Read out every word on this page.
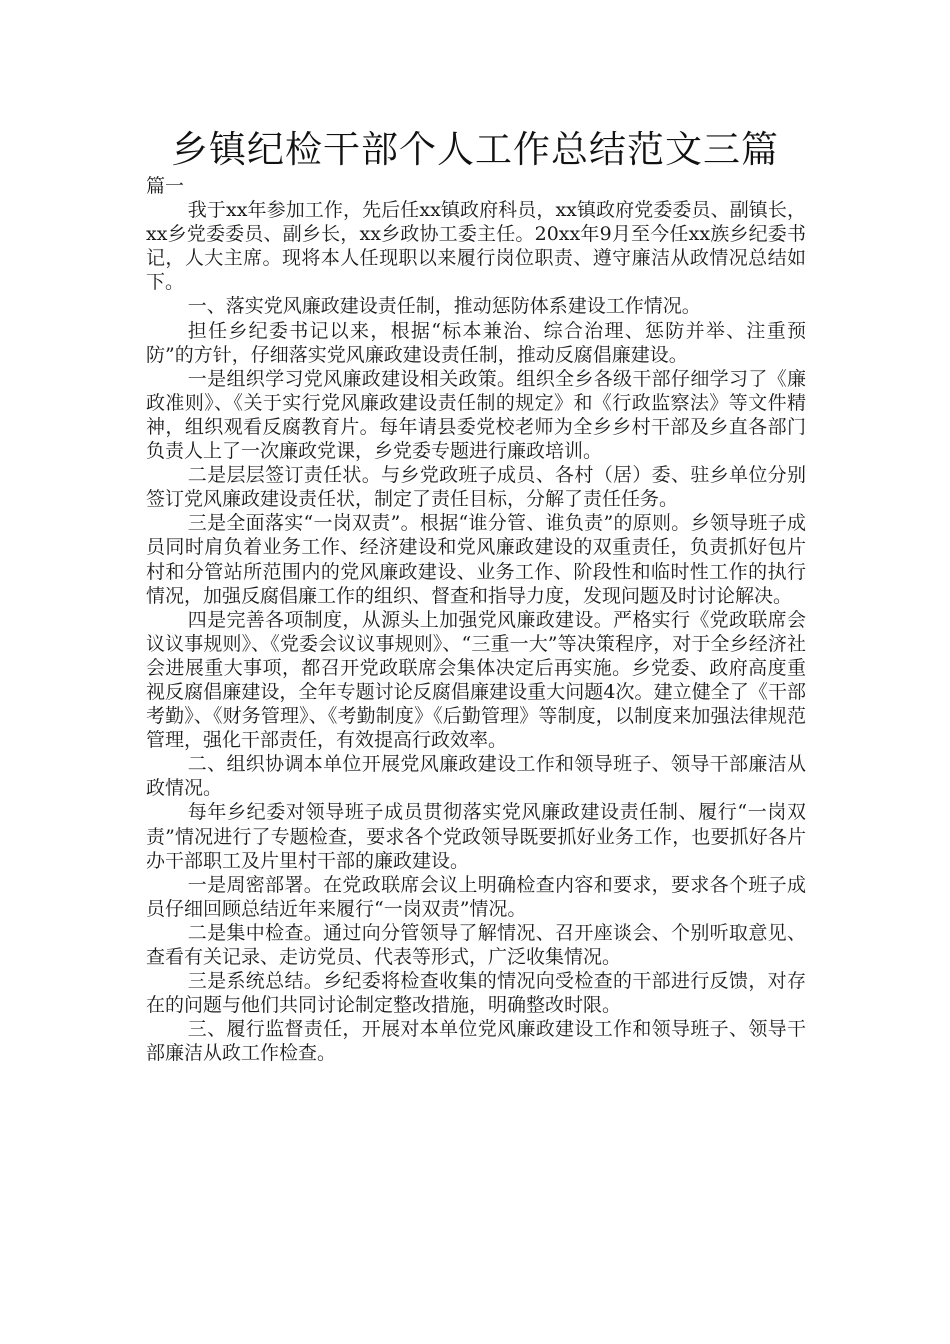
乡镇纪检干部个人工作总结范文三篇

篇一

我于xx年参加工作，先后任xx镇政府科员，xx镇政府党委委员、副镇长，xx乡党委委员、副乡长，xx乡政协工委主任。20xx年9月至今任xx族乡纪委书记，人大主席。现将本人任现职以来履行岗位职责、遵守廉洁从政情况总结如下。

一、落实党风廉政建设责任制，推动惩防体系建设工作情况。

担任乡纪委书记以来，根据“标本兼治、综合治理、惩防并举、注重预防”的方针，仔细落实党风廉政建设责任制，推动反腐倡廉建设。

一是组织学习党风廉政建设相关政策。组织全乡各级干部仔细学习了《廉政准则》、《关于实行党风廉政建设责任制的规定》和《行政监察法》等文件精神，组织观看反腐教育片。每年请县委党校老师为全乡乡村干部及乡直各部门负责人上了一次廉政党课，乡党委专题进行廉政培训。

二是层层签订责任状。与乡党政班子成员、各村（居）委、驻乡单位分别签订党风廉政建设责任状，制定了责任目标，分解了责任任务。

三是全面落实“一岗双责”。根据“谁分管、谁负责”的原则。乡领导班子成员同时肩负着业务工作、经济建设和党风廉政建设的双重责任，负责抓好包片村和分管站所范围内的党风廉政建设、业务工作、阶段性和临时性工作的执行情况，加强反腐倡廉工作的组织、督查和指导力度，发现问题及时讨论解决。

四是完善各项制度，从源头上加强党风廉政建设。严格实行《党政联席会议议事规则》、《党委会议议事规则》、“三重一大”等决策程序，对于全乡经济社会进展重大事项，都召开党政联席会集体决定后再实施。乡党委、政府高度重视反腐倡廉建设，全年专题讨论反腐倡廉建设重大问题4次。建立健全了《干部考勤》、《财务管理》、《考勤制度》《后勤管理》等制度，以制度来加强法律规范管理，强化干部责任，有效提高行政效率。

二、组织协调本单位开展党风廉政建设工作和领导班子、领导干部廉洁从政情况。

每年乡纪委对领导班子成员贯彻落实党风廉政建设责任制、履行“一岗双责”情况进行了专题检查，要求各个党政领导既要抓好业务工作，也要抓好各片办干部职工及片里村干部的廉政建设。

一是周密部署。在党政联席会议上明确检查内容和要求，要求各个班子成员仔细回顾总结近年来履行“一岗双责”情况。

二是集中检查。通过向分管领导了解情况、召开座谈会、个别听取意见、查看有关记录、走访党员、代表等形式，广泛收集情况。

三是系统总结。乡纪委将检查收集的情况向受检查的干部进行反馈，对存在的问题与他们共同讨论制定整改措施，明确整改时限。

三、履行监督责任，开展对本单位党风廉政建设工作和领导班子、领导干部廉洁从政工作检查。
